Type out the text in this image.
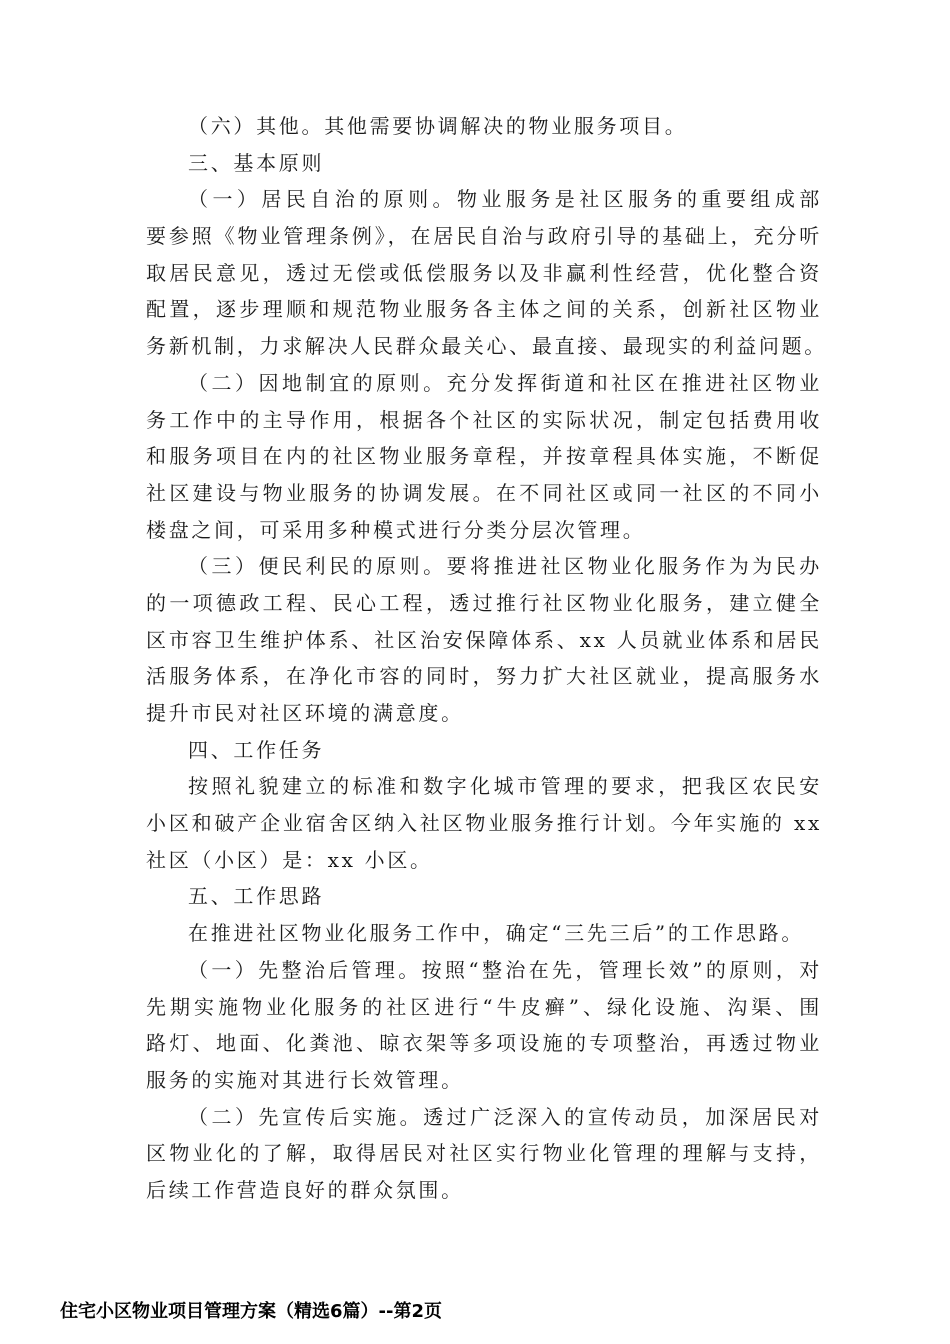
（六）其他。其他需要协调解决的物业服务项目。
三、基本原则
（一）居民自治的原则。物业服务是社区服务的重要组成部
要参照《物业管理条例》，在居民自治与政府引导的基础上，充分听
取居民意见，透过无偿或低偿服务以及非赢利性经营，优化整合资
配置，逐步理顺和规范物业服务各主体之间的关系，创新社区物业
务新机制，力求解决人民群众最关心、最直接、最现实的利益问题。
（二）因地制宜的原则。充分发挥街道和社区在推进社区物业
务工作中的主导作用，根据各个社区的实际状况，制定包括费用收
和服务项目在内的社区物业服务章程，并按章程具体实施，不断促
社区建设与物业服务的协调发展。在不同社区或同一社区的不同小
楼盘之间，可采用多种模式进行分类分层次管理。
（三）便民利民的原则。要将推进社区物业化服务作为为民办
的一项德政工程、民心工程，透过推行社区物业化服务，建立健全
区市容卫生维护体系、社区治安保障体系、xx 人员就业体系和居民
活服务体系，在净化市容的同时，努力扩大社区就业，提高服务水
提升市民对社区环境的满意度。
四、工作任务
按照礼貌建立的标准和数字化城市管理的要求，把我区农民安
小区和破产企业宿舍区纳入社区物业服务推行计划。今年实施的 xx
社区（小区）是：xx 小区。
五、工作思路
在推进社区物业化服务工作中，确定“三先三后”的工作思路。
（一）先整治后管理。按照“整治在先，管理长效”的原则，对
先期实施物业化服务的社区进行“牛皮癣”、绿化设施、沟渠、围
路灯、地面、化粪池、晾衣架等多项设施的专项整治，再透过物业
服务的实施对其进行长效管理。
（二）先宣传后实施。透过广泛深入的宣传动员，加深居民对
区物业化的了解，取得居民对社区实行物业化管理的理解与支持，
后续工作营造良好的群众氛围。
住宅小区物业项目管理方案（精选6篇）--第2页
